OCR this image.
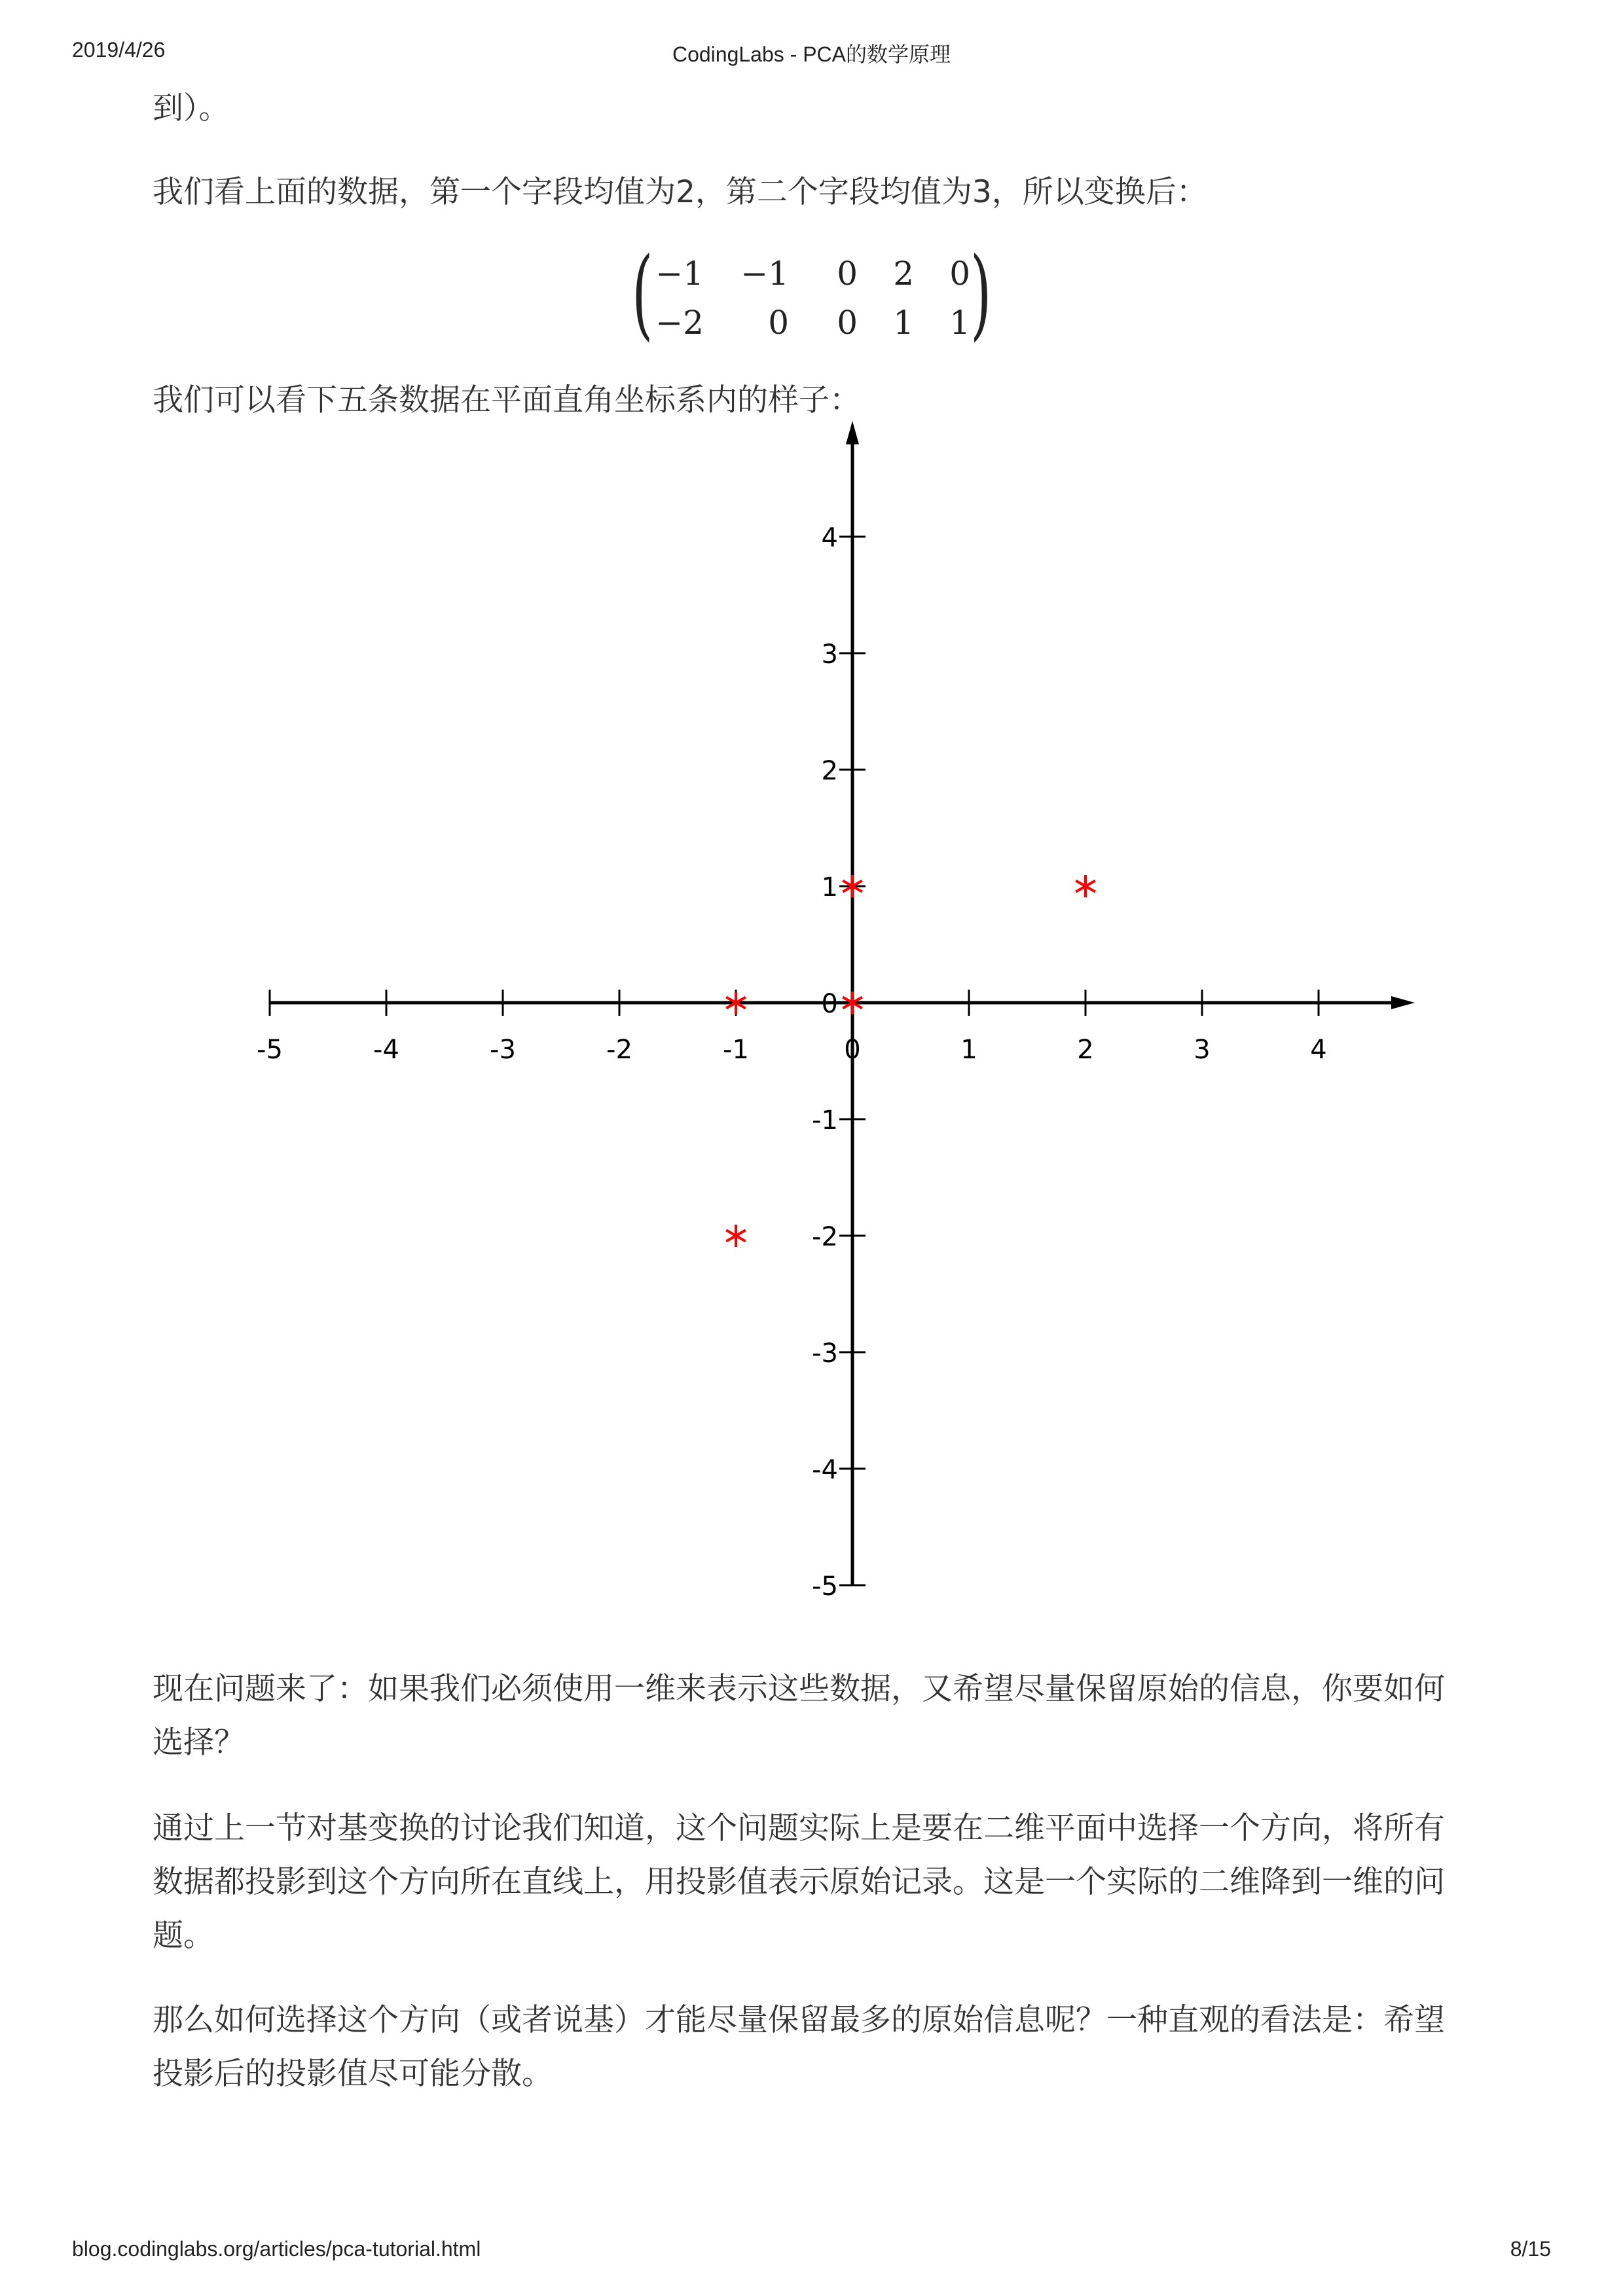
2019/4/26	CodingLabs - PCA的数学原理
到）。
我们看上面的数据，第一个字段均值为2，第二个字段均值为3，所以变换后：
( −1	−1	0	2	0
−2	0	0	1	1 )
我们可以看下五条数据在平面直角坐标系内的样子：
-5	-4	-3	-2	-1	0	1	2	3	4
-5
-4
-3
-2
-1
0
1
2
3
4
现在问题来了：如果我们必须使用一维来表示这些数据，又希望尽量保留原始的信息，你要如何选择？
通过上一节对基变换的讨论我们知道，这个问题实际上是要在二维平面中选择一个方向，将所有数据都投影到这个方向所在直线上，用投影值表示原始记录。这是一个实际的二维降到一维的问题。
那么如何选择这个方向（或者说基）才能尽量保留最多的原始信息呢？一种直观的看法是：希望投影后的投影值尽可能分散。
blog.codinglabs.org/articles/pca-tutorial.html	8/15
